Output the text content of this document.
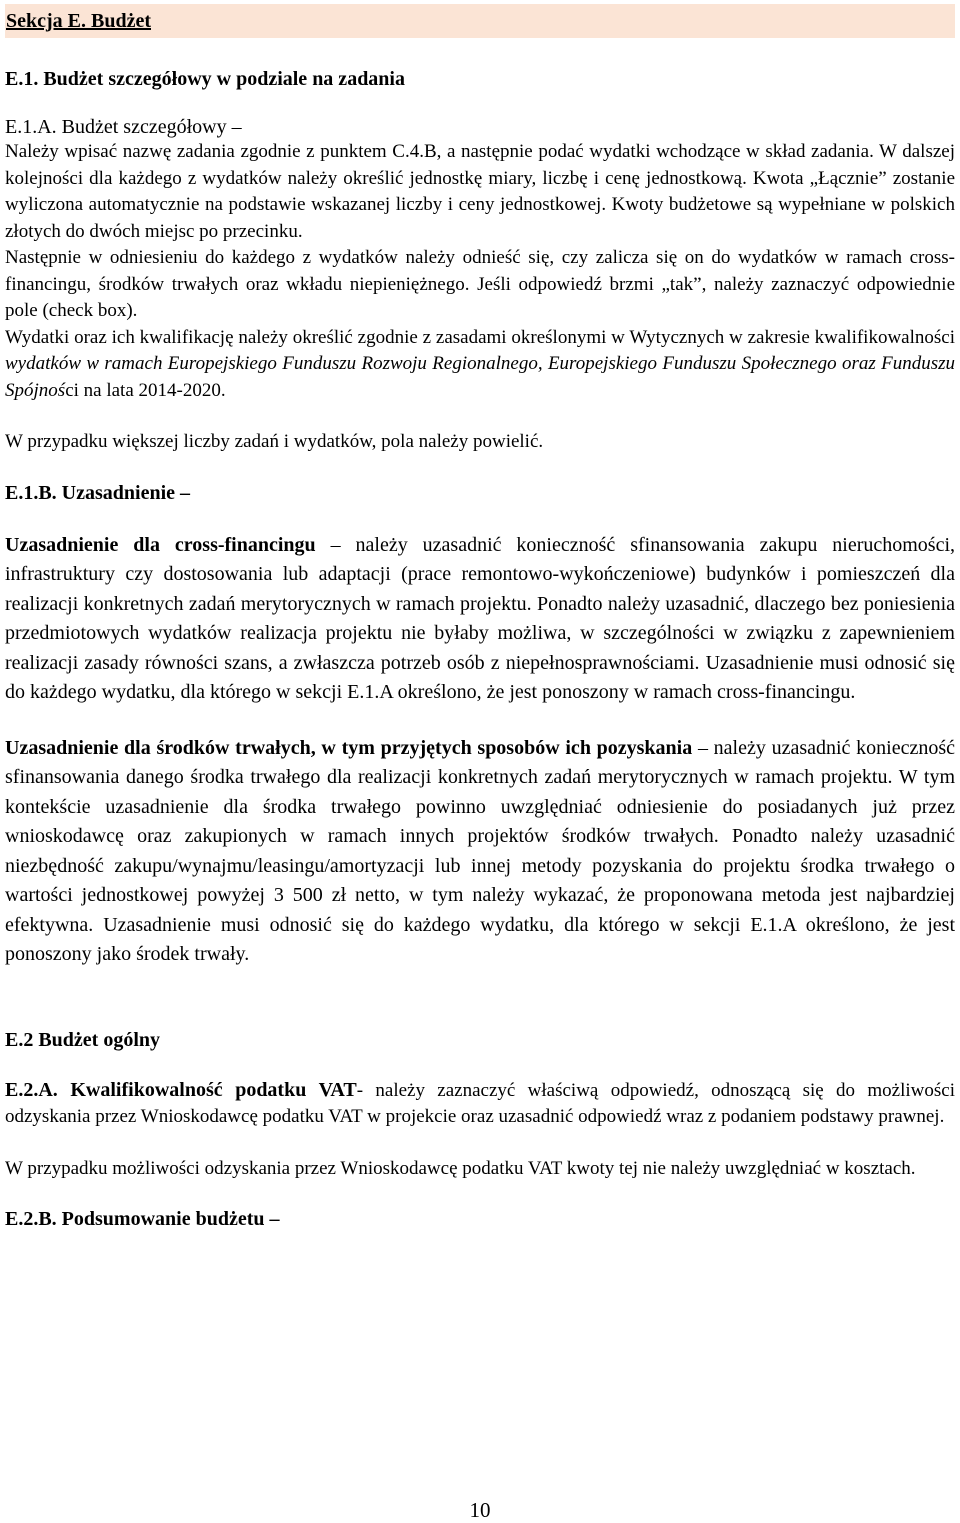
Sekcja E. Budżet
E.1. Budżet szczegółowy w podziale na zadania
E.1.A. Budżet szczegółowy –

Należy wpisać nazwę zadania zgodnie z punktem C.4.B, a następnie podać wydatki wchodzące w skład zadania. W dalszej kolejności dla każdego z wydatków należy określić jednostkę miary, liczbę i cenę jednostkową. Kwota „Łącznie” zostanie wyliczona automatycznie na podstawie wskazanej liczby i ceny jednostkowej. Kwoty budżetowe są wypełniane w polskich złotych do dwóch miejsc po przecinku.

Następnie w odniesieniu do każdego z wydatków należy odnieść się, czy zalicza się on do wydatków w ramach cross-financingu, środków trwałych oraz wkładu niepieniężnego. Jeśli odpowiedź brzmi „tak”, należy zaznaczyć odpowiednie pole (check box).

Wydatki oraz ich kwalifikację należy określić zgodnie z zasadami określonymi w Wytycznych w zakresie kwalifikowalności wydatków w ramach Europejskiego Funduszu Rozwoju Regionalnego, Europejskiego Funduszu Społecznego oraz Funduszu Spójności na lata 2014-2020.

W przypadku większej liczby zadań i wydatków, pola należy powielić.

E.1.B. Uzasadnienie –

Uzasadnienie dla cross-financingu – należy uzasadnić konieczność sfinansowania zakupu nieruchomości, infrastruktury czy dostosowania lub adaptacji (prace remontowo-wykończeniowe) budynków i pomieszczeń dla realizacji konkretnych zadań merytorycznych w ramach projektu. Ponadto należy uzasadnić, dlaczego bez poniesienia przedmiotowych wydatków realizacja projektu nie byłaby możliwa, w szczególności w związku z zapewnieniem realizacji zasady równości szans, a zwłaszcza potrzeb osób z niepełnosprawnościami. Uzasadnienie musi odnosić się do każdego wydatku, dla którego w sekcji E.1.A określono, że jest ponoszony w ramach cross-financingu.

Uzasadnienie dla środków trwałych, w tym przyjętych sposobów ich pozyskania – należy uzasadnić konieczność sfinansowania danego środka trwałego dla realizacji konkretnych zadań merytorycznych w ramach projektu. W tym kontekście uzasadnienie dla środka trwałego powinno uwzględniać odniesienie do posiadanych już przez wnioskodawcę oraz zakupionych w ramach innych projektów środków trwałych. Ponadto należy uzasadnić niezbędność zakupu/wynajmu/leasingu/amortyzacji lub innej metody pozyskania do projektu środka trwałego o wartości jednostkowej powyżej 3 500 zł netto, w tym należy wykazać, że proponowana metoda jest najbardziej efektywna. Uzasadnienie musi odnosić się do każdego wydatku, dla którego w sekcji E.1.A określono, że jest ponoszony jako środek trwały.

E.2 Budżet ogólny

E.2.A. Kwalifikowalność podatku VAT- należy zaznaczyć właściwą odpowiedź, odnoszącą się do możliwości odzyskania przez Wnioskodawcę podatku VAT w projekcie oraz uzasadnić odpowiedź wraz z podaniem podstawy prawnej.

W przypadku możliwości odzyskania przez Wnioskodawcę podatku VAT kwoty tej nie należy uwzględniać w kosztach.

E.2.B. Podsumowanie budżetu –
10
